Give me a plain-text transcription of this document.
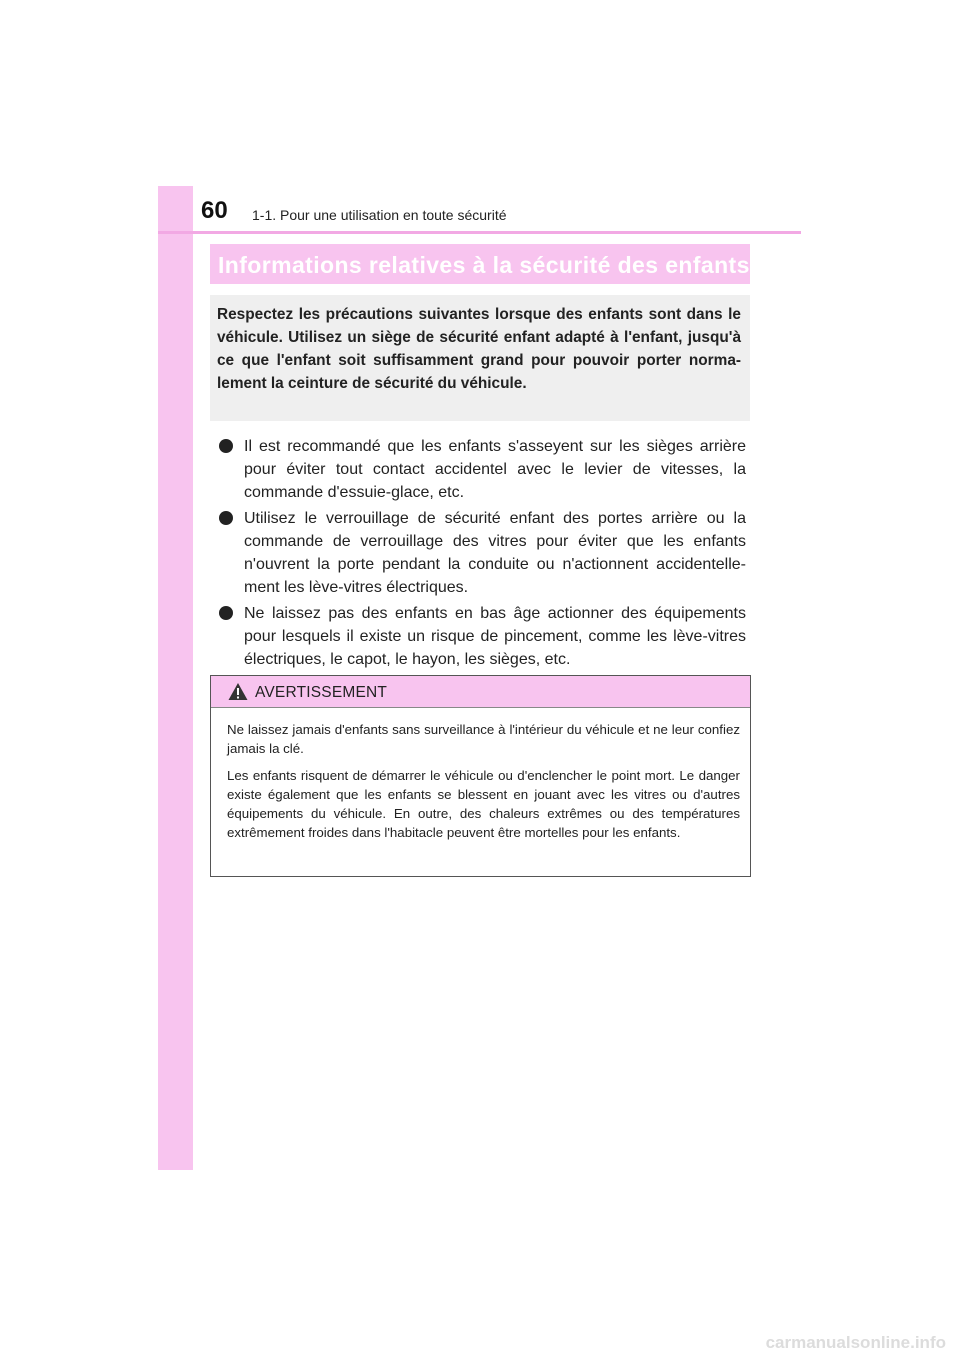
60 1-1. Pour une utilisation en toute sécurité
Informations relatives à la sécurité des enfants
Respectez les précautions suivantes lorsque des enfants sont dans le véhicule. Utilisez un siège de sécurité enfant adapté à l'enfant, jusqu'à ce que l'enfant soit suffisamment grand pour pouvoir porter norma-lement la ceinture de sécurité du véhicule.
Il est recommandé que les enfants s'asseyent sur les sièges arrière pour éviter tout contact accidentel avec le levier de vitesses, la commande d'essuie-glace, etc.
Utilisez le verrouillage de sécurité enfant des portes arrière ou la commande de verrouillage des vitres pour éviter que les enfants n'ouvrent la porte pendant la conduite ou n'actionnent accidentelle-ment les lève-vitres électriques.
Ne laissez pas des enfants en bas âge actionner des équipements pour lesquels il existe un risque de pincement, comme les lève-vitres électriques, le capot, le hayon, les sièges, etc.
AVERTISSEMENT

Ne laissez jamais d'enfants sans surveillance à l'intérieur du véhicule et ne leur confiez jamais la clé.

Les enfants risquent de démarrer le véhicule ou d'enclencher le point mort. Le danger existe également que les enfants se blessent en jouant avec les vitres ou d'autres équipements du véhicule. En outre, des chaleurs extrêmes ou des températures extrêmement froides dans l'habitacle peuvent être mortelles pour les enfants.

carmanualsonline.info
